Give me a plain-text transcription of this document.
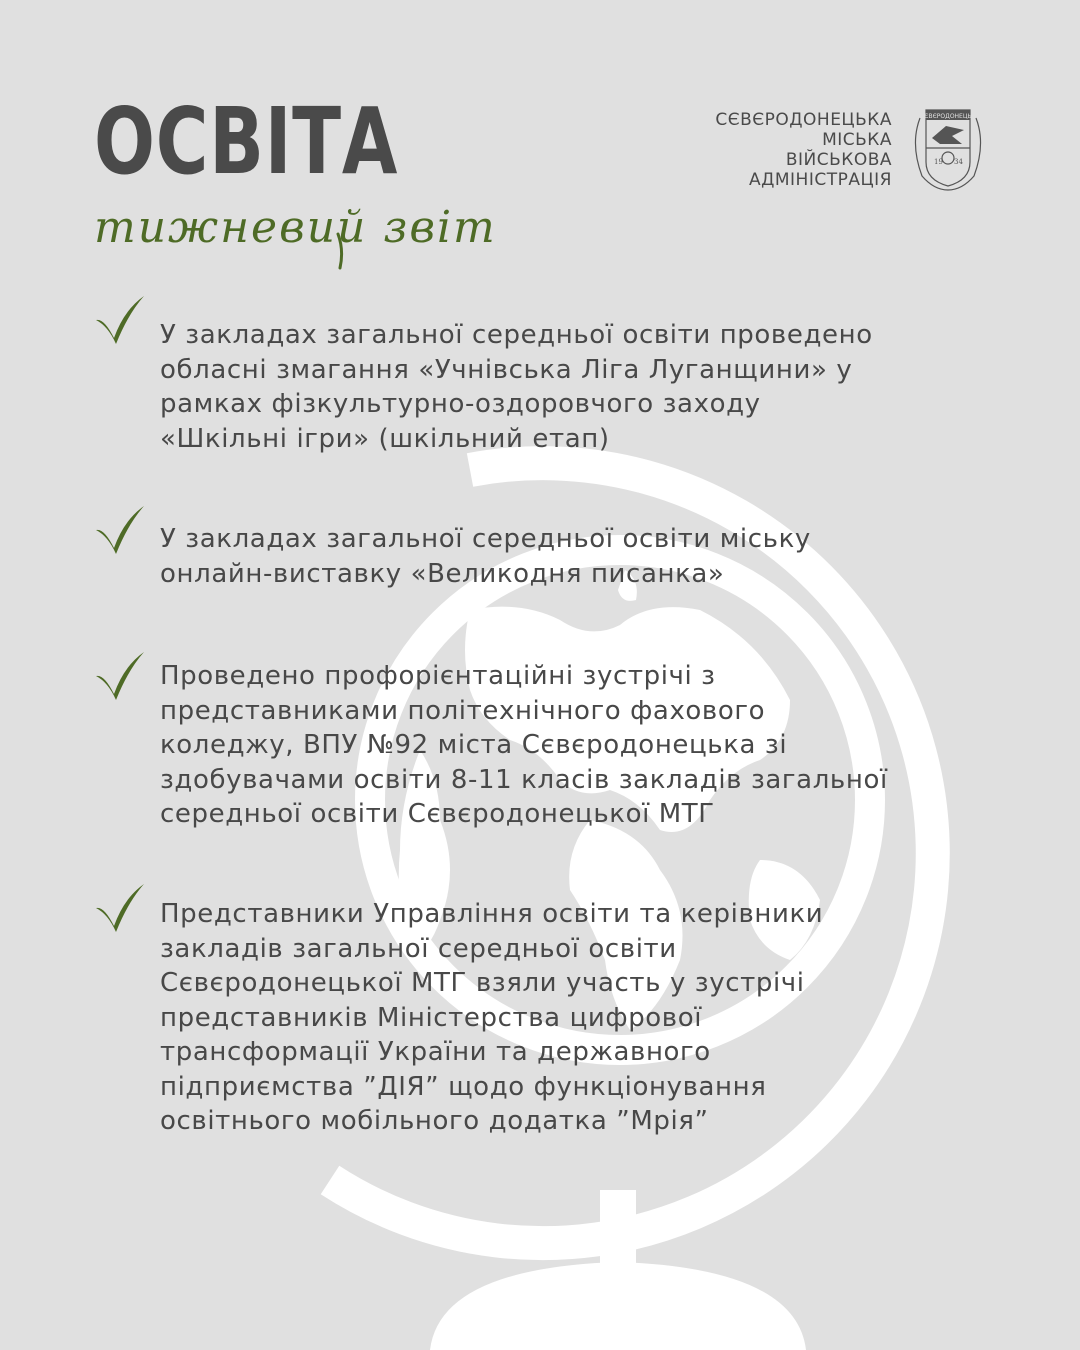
ОСВІТА
тижневий звіт
СЄВЄРОДОНЕЦЬКА
МІСЬКА
ВІЙСЬКОВА
АДМІНІСТРАЦІЯ
СЄВЄРОДОНЕЦЬК
19 34
У закладах загальної середньої освіти проведено
обласні змагання «Учнівська Ліга Луганщини» у
рамках фізкультурно-оздоровчого заходу
«Шкільні ігри» (шкільний етап)
У закладах загальної середньої освіти міську
онлайн-виставку «Великодня писанка»
Проведено профорієнтаційні зустрічі з
представниками політехнічного фахового
коледжу, ВПУ №92 міста Сєвєродонецька зі
здобувачами освіти 8-11 класів закладів загальної
середньої освіти Сєвєродонецької МТГ
Представники Управління освіти та керівники
закладів загальної середньої освіти
Сєвєродонецької МТГ взяли участь у зустрічі
представників Міністерства цифрової
трансформації України та державного
підприємства ”ДІЯ” щодо функціонування
освітнього мобільного додатка ”Мрія”
